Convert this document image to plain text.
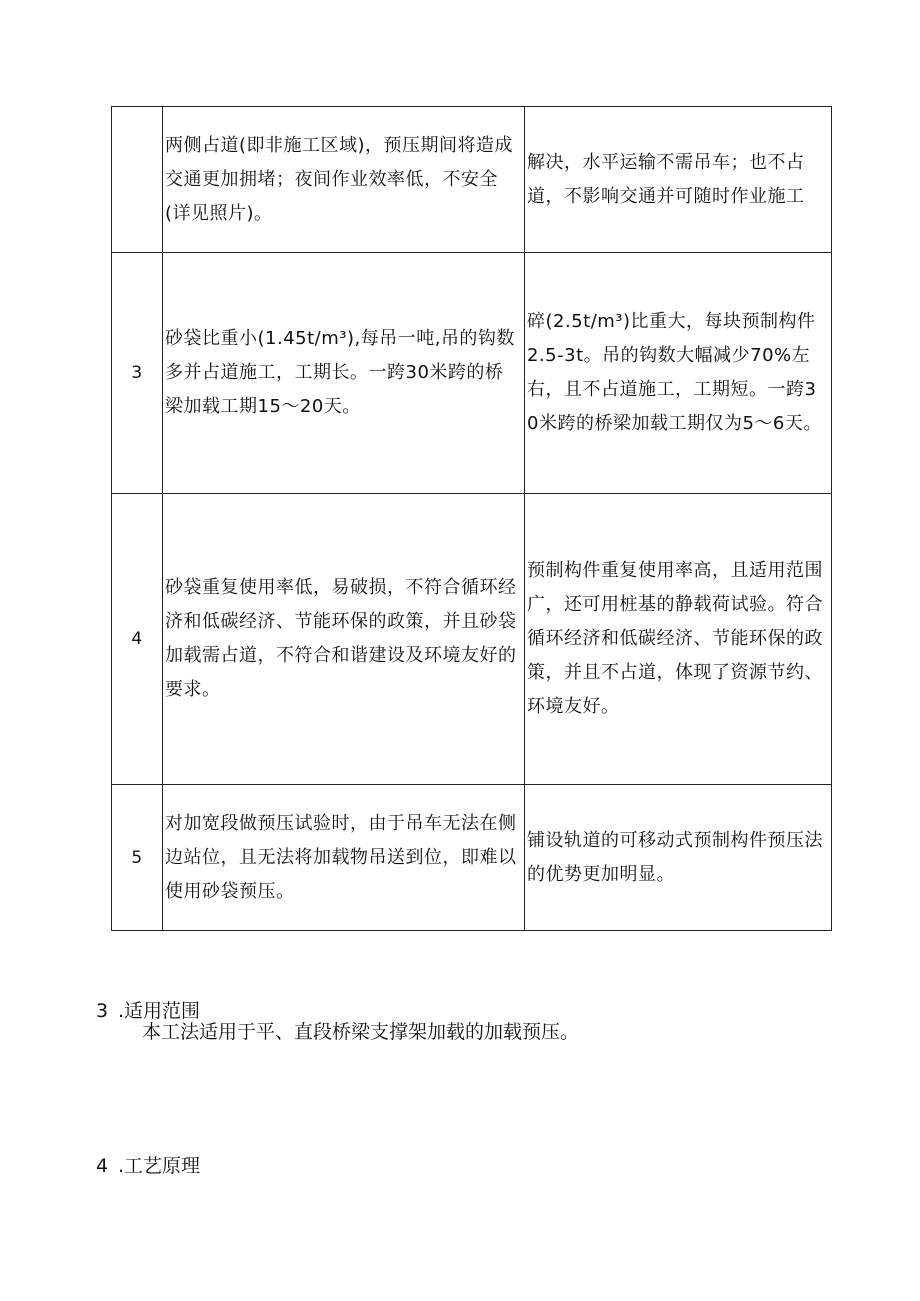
	两侧占道(即非施工区域)，预压期间将造成交通更加拥堵；夜间作业效率低，不安全(详见照片)。	解决，水平运输不需吊车；也不占道，不影响交通并可随时作业施工
3	砂袋比重小(1.45t/m³),每吊一吨,吊的钩数多并占道施工，工期长。一跨30米跨的桥梁加载工期15〜20天。	碎(2.5t/m³)比重大，每块预制构件2.5-3t。吊的钩数大幅减少70%左右，且不占道施工，工期短。一跨30米跨的桥梁加载工期仅为5〜6天。
4	砂袋重复使用率低，易破损，不符合循环经济和低碳经济、节能环保的政策，并且砂袋加载需占道，不符合和谐建设及环境友好的要求。	预制构件重复使用率高，且适用范围广，还可用桩基的静载荷试验。符合循环经济和低碳经济、节能环保的政策，并且不占道，体现了资源节约、环境友好。
5	对加宽段做预压试验时，由于吊车无法在侧边站位，且无法将加载物吊送到位，即难以使用砂袋预压。	铺设轨道的可移动式预制构件预压法的优势更加明显。
3 .适用范围
本工法适用于平、直段桥梁支撑架加载的加载预压。
4 .工艺原理
